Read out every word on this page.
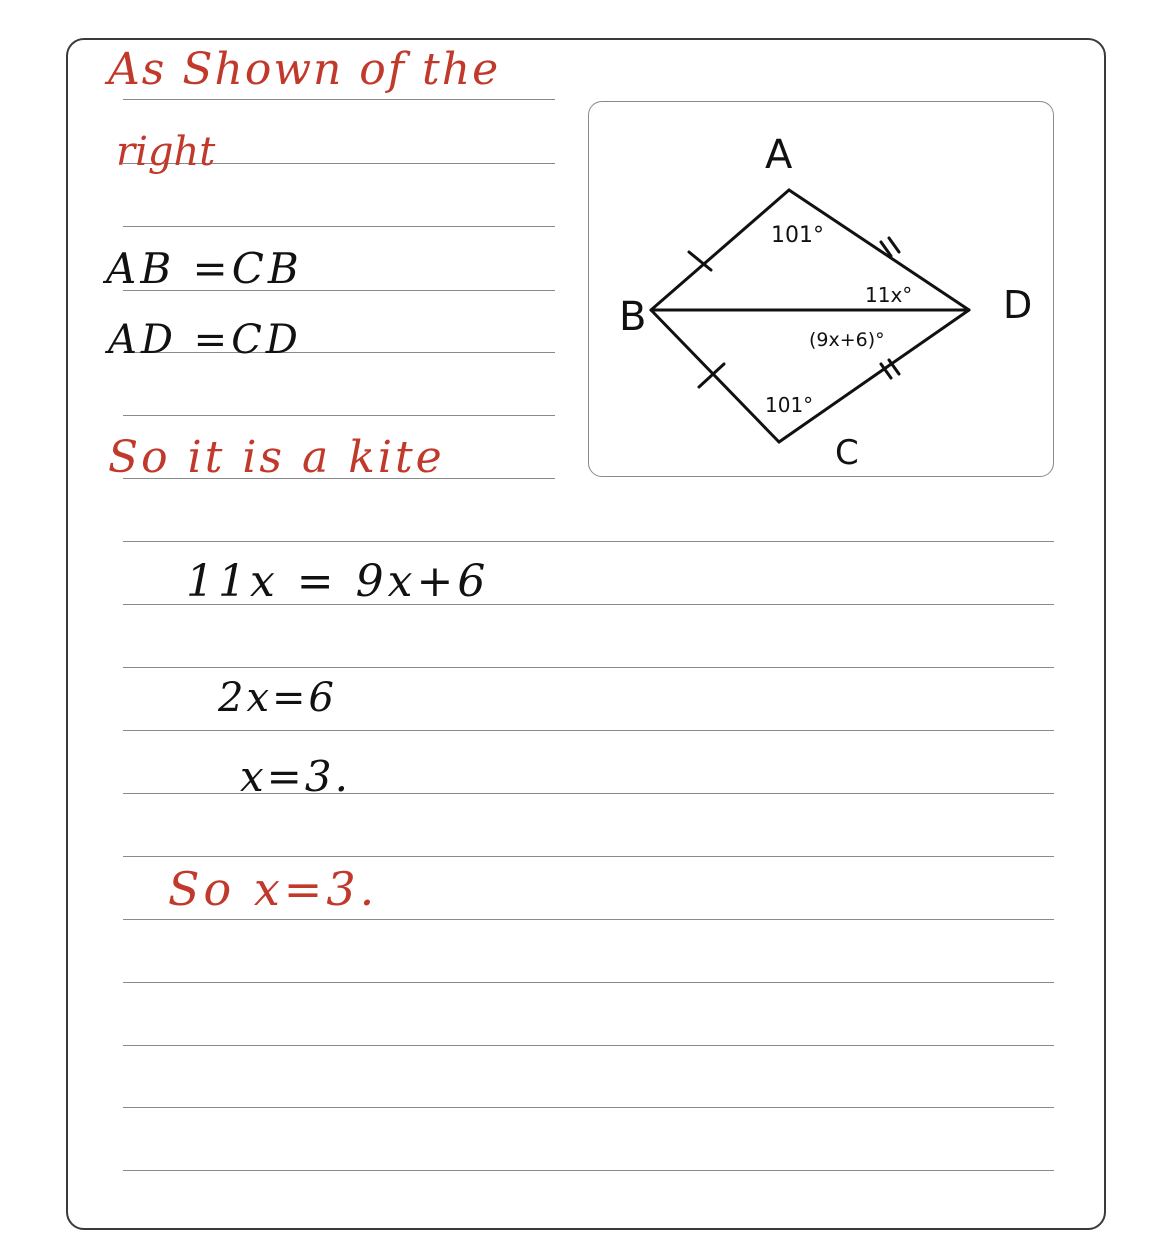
As Shown of the
right
AB =CB
AD =CD
So it is a kite
11x = 9x+6
2x=6
x=3.
So x=3.
A
B
C
D
101°
11x°
(9x+6)°
101°
